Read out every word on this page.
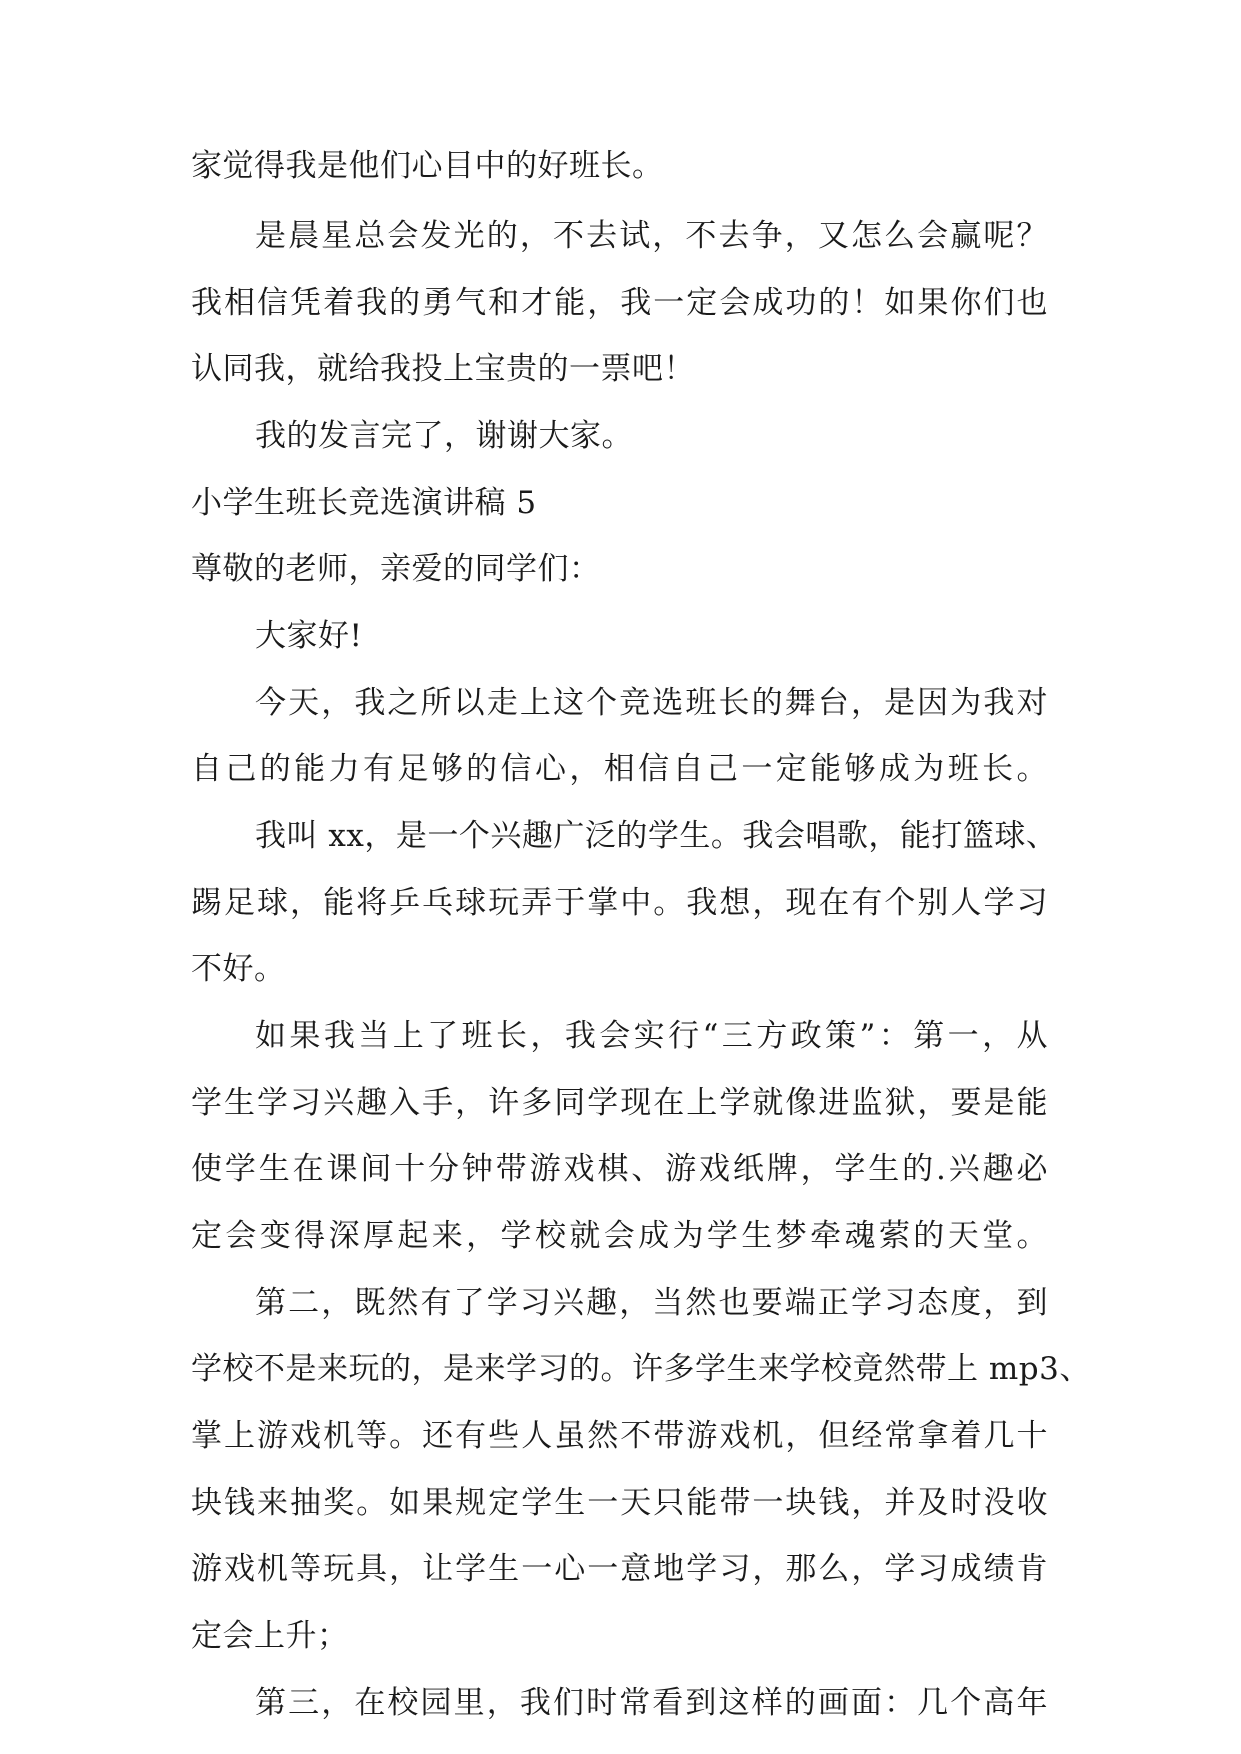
家觉得我是他们心目中的好班长。
是晨星总会发光的，不去试，不去争，又怎么会赢呢？
我相信凭着我的勇气和才能，我一定会成功的！如果你们也
认同我，就给我投上宝贵的一票吧！
我的发言完了，谢谢大家。
小学生班长竞选演讲稿 5
尊敬的老师，亲爱的同学们：
大家好!
今天，我之所以走上这个竞选班长的舞台，是因为我对
自己的能力有足够的信心，相信自己一定能够成为班长。
我叫 xx，是一个兴趣广泛的学生。我会唱歌，能打篮球、
踢足球，能将乒乓球玩弄于掌中。我想，现在有个别人学习
不好。
如果我当上了班长，我会实行“三方政策”：第一，从
学生学习兴趣入手，许多同学现在上学就像进监狱，要是能
使学生在课间十分钟带游戏棋、游戏纸牌，学生的.兴趣必
定会变得深厚起来，学校就会成为学生梦牵魂萦的天堂。
第二，既然有了学习兴趣，当然也要端正学习态度，到
学校不是来玩的，是来学习的。许多学生来学校竟然带上 mp3、
掌上游戏机等。还有些人虽然不带游戏机，但经常拿着几十
块钱来抽奖。如果规定学生一天只能带一块钱，并及时没收
游戏机等玩具，让学生一心一意地学习，那么，学习成绩肯
定会上升；
第三，在校园里，我们时常看到这样的画面：几个高年
